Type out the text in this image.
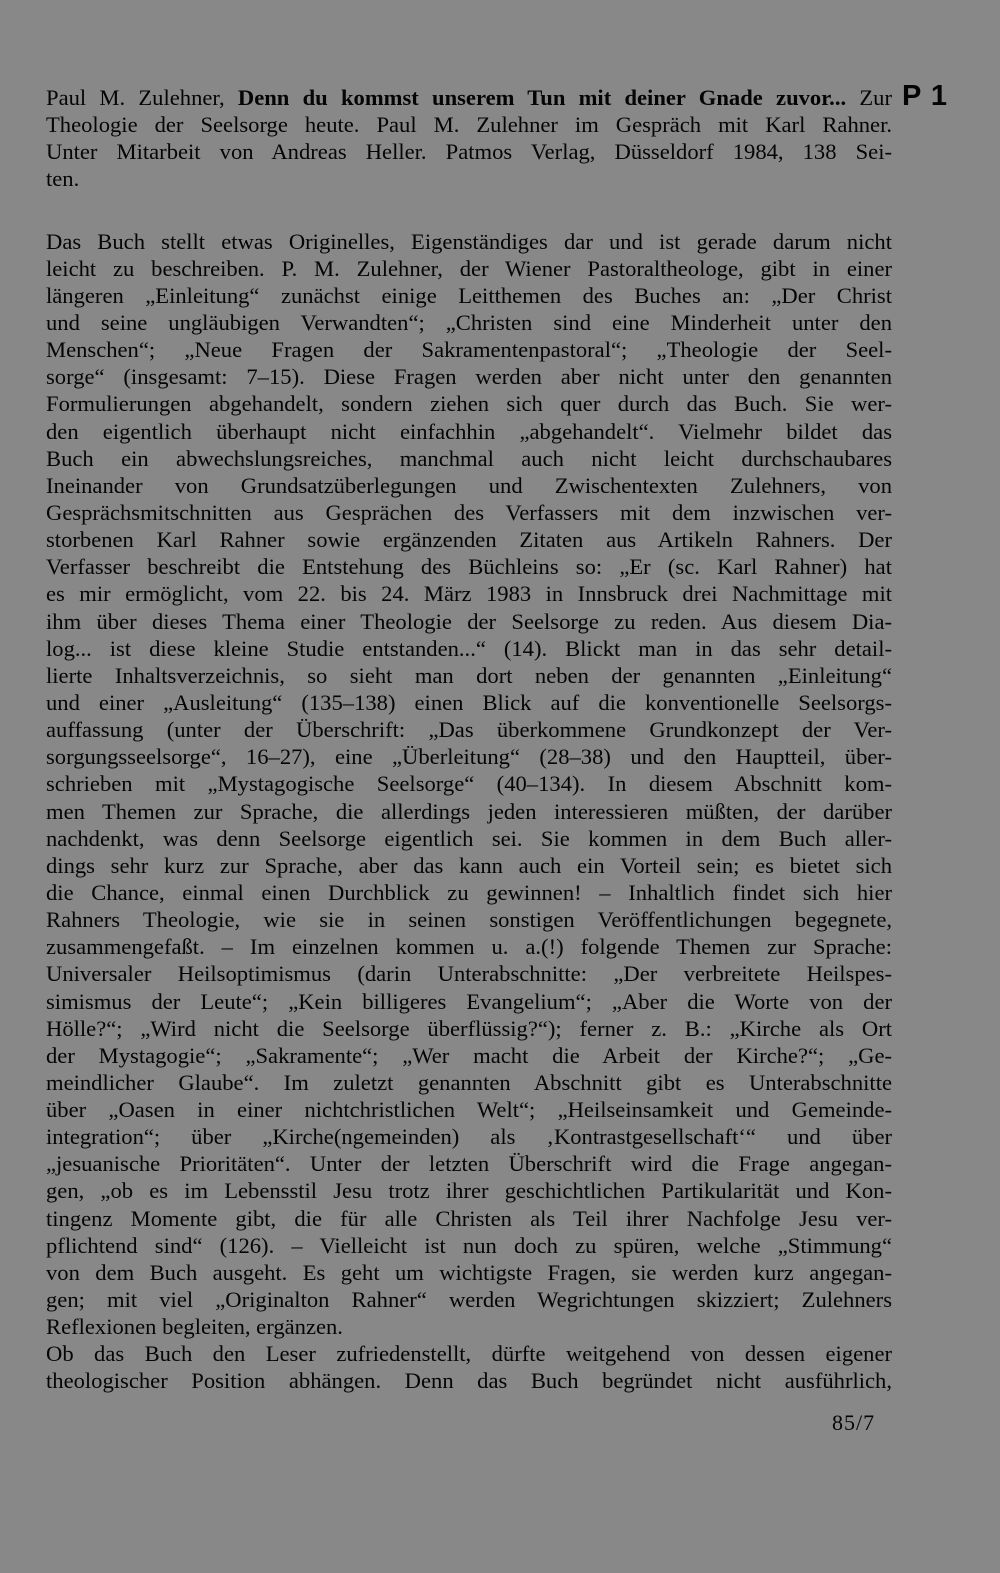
P 1
Paul M. Zulehner, Denn du kommst unserem Tun mit deiner Gnade zuvor... Zur
Theologie der Seelsorge heute. Paul M. Zulehner im Gespräch mit Karl Rahner.
Unter Mitarbeit von Andreas Heller. Patmos Verlag, Düsseldorf 1984, 138 Sei-
ten.
Das Buch stellt etwas Originelles, Eigenständiges dar und ist gerade darum nicht
leicht zu beschreiben. P. M. Zulehner, der Wiener Pastoraltheologe, gibt in einer
längeren „Einleitung“ zunächst einige Leitthemen des Buches an: „Der Christ
und seine ungläubigen Verwandten“; „Christen sind eine Minderheit unter den
Menschen“; „Neue Fragen der Sakramentenpastoral“; „Theologie der Seel-
sorge“ (insgesamt: 7–15). Diese Fragen werden aber nicht unter den genannten
Formulierungen abgehandelt, sondern ziehen sich quer durch das Buch. Sie wer-
den eigentlich überhaupt nicht einfachhin „abgehandelt“. Vielmehr bildet das
Buch ein abwechslungsreiches, manchmal auch nicht leicht durchschaubares
Ineinander von Grundsatzüberlegungen und Zwischentexten Zulehners, von
Gesprächsmitschnitten aus Gesprächen des Verfassers mit dem inzwischen ver-
storbenen Karl Rahner sowie ergänzenden Zitaten aus Artikeln Rahners. Der
Verfasser beschreibt die Entstehung des Büchleins so: „Er (sc. Karl Rahner) hat
es mir ermöglicht, vom 22. bis 24. März 1983 in Innsbruck drei Nachmittage mit
ihm über dieses Thema einer Theologie der Seelsorge zu reden. Aus diesem Dia-
log... ist diese kleine Studie entstanden...“ (14). Blickt man in das sehr detail-
lierte Inhaltsverzeichnis, so sieht man dort neben der genannten „Einleitung“
und einer „Ausleitung“ (135–138) einen Blick auf die konventionelle Seelsorgs-
auffassung (unter der Überschrift: „Das überkommene Grundkonzept der Ver-
sorgungsseelsorge“, 16–27), eine „Überleitung“ (28–38) und den Hauptteil, über-
schrieben mit „Mystagogische Seelsorge“ (40–134). In diesem Abschnitt kom-
men Themen zur Sprache, die allerdings jeden interessieren müßten, der darüber
nachdenkt, was denn Seelsorge eigentlich sei. Sie kommen in dem Buch aller-
dings sehr kurz zur Sprache, aber das kann auch ein Vorteil sein; es bietet sich
die Chance, einmal einen Durchblick zu gewinnen! – Inhaltlich findet sich hier
Rahners Theologie, wie sie in seinen sonstigen Veröffentlichungen begegnete,
zusammengefaßt. – Im einzelnen kommen u. a.(!) folgende Themen zur Sprache:
Universaler Heilsoptimismus (darin Unterabschnitte: „Der verbreitete Heilspes-
simismus der Leute“; „Kein billigeres Evangelium“; „Aber die Worte von der
Hölle?“; „Wird nicht die Seelsorge überflüssig?“); ferner z. B.: „Kirche als Ort
der Mystagogie“; „Sakramente“; „Wer macht die Arbeit der Kirche?“; „Ge-
meindlicher Glaube“. Im zuletzt genannten Abschnitt gibt es Unterabschnitte
über „Oasen in einer nichtchristlichen Welt“; „Heilseinsamkeit und Gemeinde-
integration“; über „Kirche(ngemeinden) als ‚Kontrastgesellschaft‘“ und über
„jesuanische Prioritäten“. Unter der letzten Überschrift wird die Frage angegan-
gen, „ob es im Lebensstil Jesu trotz ihrer geschichtlichen Partikularität und Kon-
tingenz Momente gibt, die für alle Christen als Teil ihrer Nachfolge Jesu ver-
pflichtend sind“ (126). – Vielleicht ist nun doch zu spüren, welche „Stimmung“
von dem Buch ausgeht. Es geht um wichtigste Fragen, sie werden kurz angegan-
gen; mit viel „Originalton Rahner“ werden Wegrichtungen skizziert; Zulehners
Reflexionen begleiten, ergänzen.
Ob das Buch den Leser zufriedenstellt, dürfte weitgehend von dessen eigener
theologischer Position abhängen. Denn das Buch begründet nicht ausführlich,
85/7
